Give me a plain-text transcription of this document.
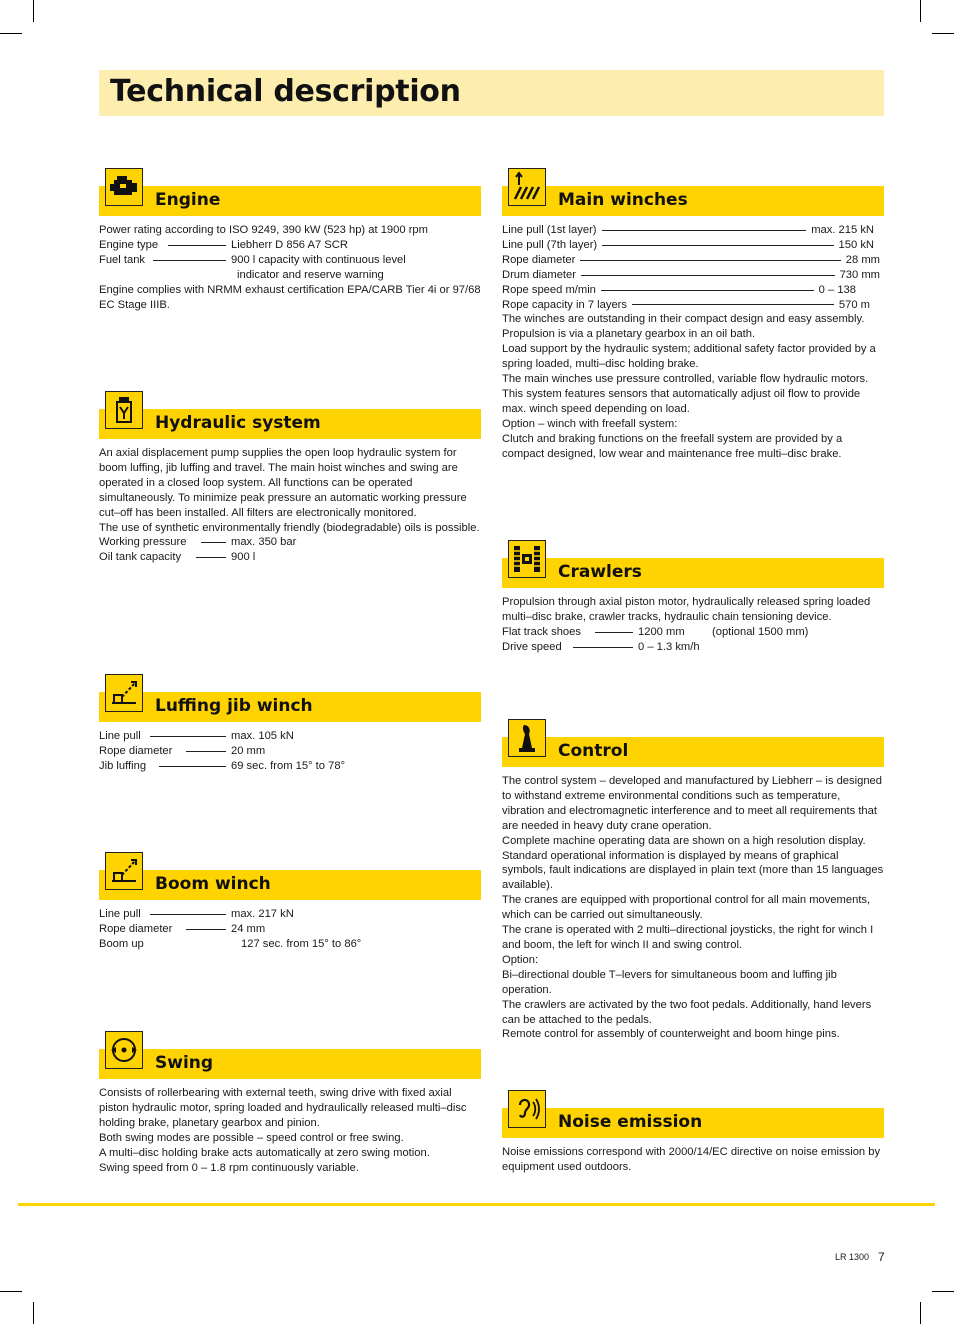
Technical description
Engine

Power rating according to ISO 9249, 390 kW (523 hp) at 1900 rpm

Engine type	Liebherr D 856 A7 SCR
Fuel tank	900 l capacity with continuous level

indicator and reserve warning

Engine complies with NRMM exhaust certification EPA/CARB Tier 4i or 97/68 EC Stage IIIB.

Hydraulic system

An axial displacement pump supplies the open loop hydraulic system for boom luffing, jib luffing and travel. The main hoist winches and swing are operated in a closed loop system. All functions can be operated simultaneously. To minimize peak pressure an automatic working pressure cut–off has been installed. All filters are electronically monitored.

The use of synthetic environmentally friendly (biodegradable) oils is possible.

Working pressure	max. 350 bar
Oil tank capacity	900 l
Luffing jib winch
Line pull	max. 105 kN
Rope diameter	20 mm
Jib luffing	69 sec. from 15° to 78°
Boom winch
Line pull	max. 217 kN
Rope diameter	24 mm
Boom up	127 sec. from 15° to 86°
Swing

Consists of rollerbearing with external teeth, swing drive with fixed axial piston hydraulic motor, spring loaded and hydraulically released multi–disc holding brake, planetary gearbox and pinion.

Both swing modes are possible – speed control or free swing.

A multi–disc holding brake acts automatically at zero swing motion.

Swing speed from 0 – 1.8 rpm continuously variable.

Main winches
Line pull (1st layer)	max. 215 kN
Line pull (7th layer)	150 kN
Rope diameter	28 mm
Drum diameter	730 mm
Rope speed m/min	0 – 138
Rope capacity in 7 layers	570 m

The winches are outstanding in their compact design and easy assembly.

Propulsion is via a planetary gearbox in an oil bath.

Load support by the hydraulic system; additional safety factor provided by a spring loaded, multi–disc holding brake.

The main winches use pressure controlled, variable flow hydraulic motors.

This system features sensors that automatically adjust oil flow to provide max. winch speed depending on load.

Option – winch with freefall system:

Clutch and braking functions on the freefall system are provided by a compact designed, low wear and maintenance free multi–disc brake.

Crawlers

Propulsion through axial piston motor, hydraulically released spring loaded multi–disc brake, crawler tracks, hydraulic chain tensioning device.

Flat track shoes	1200 mm	(optional 1500 mm)
Drive speed	0 – 1.3 km/h
Control

The control system – developed and manufactured by Liebherr – is designed to withstand extreme environmental conditions such as temperature, vibration and electromagnetic interference and to meet all requirements that are needed in heavy duty crane operation.

Complete machine operating data are shown on a high resolution display. Standard operational information is displayed by means of graphical symbols, fault indications are displayed in plain text (more than 15 languages available).

The cranes are equipped with proportional control for all main movements, which can be carried out simultaneously.

The crane is operated with 2 multi–directional joysticks, the right for winch I and boom, the left for winch II and swing control.

Option:

Bi–directional double T–levers for simultaneous boom and luffing jib operation.

The crawlers are activated by the two foot pedals. Additionally, hand levers can be attached to the pedals.

Remote control for assembly of counterweight and boom hinge pins.

Noise emission

Noise emissions correspond with 2000/14/EC directive on noise emission by equipment used outdoors.

LR 1300 7
